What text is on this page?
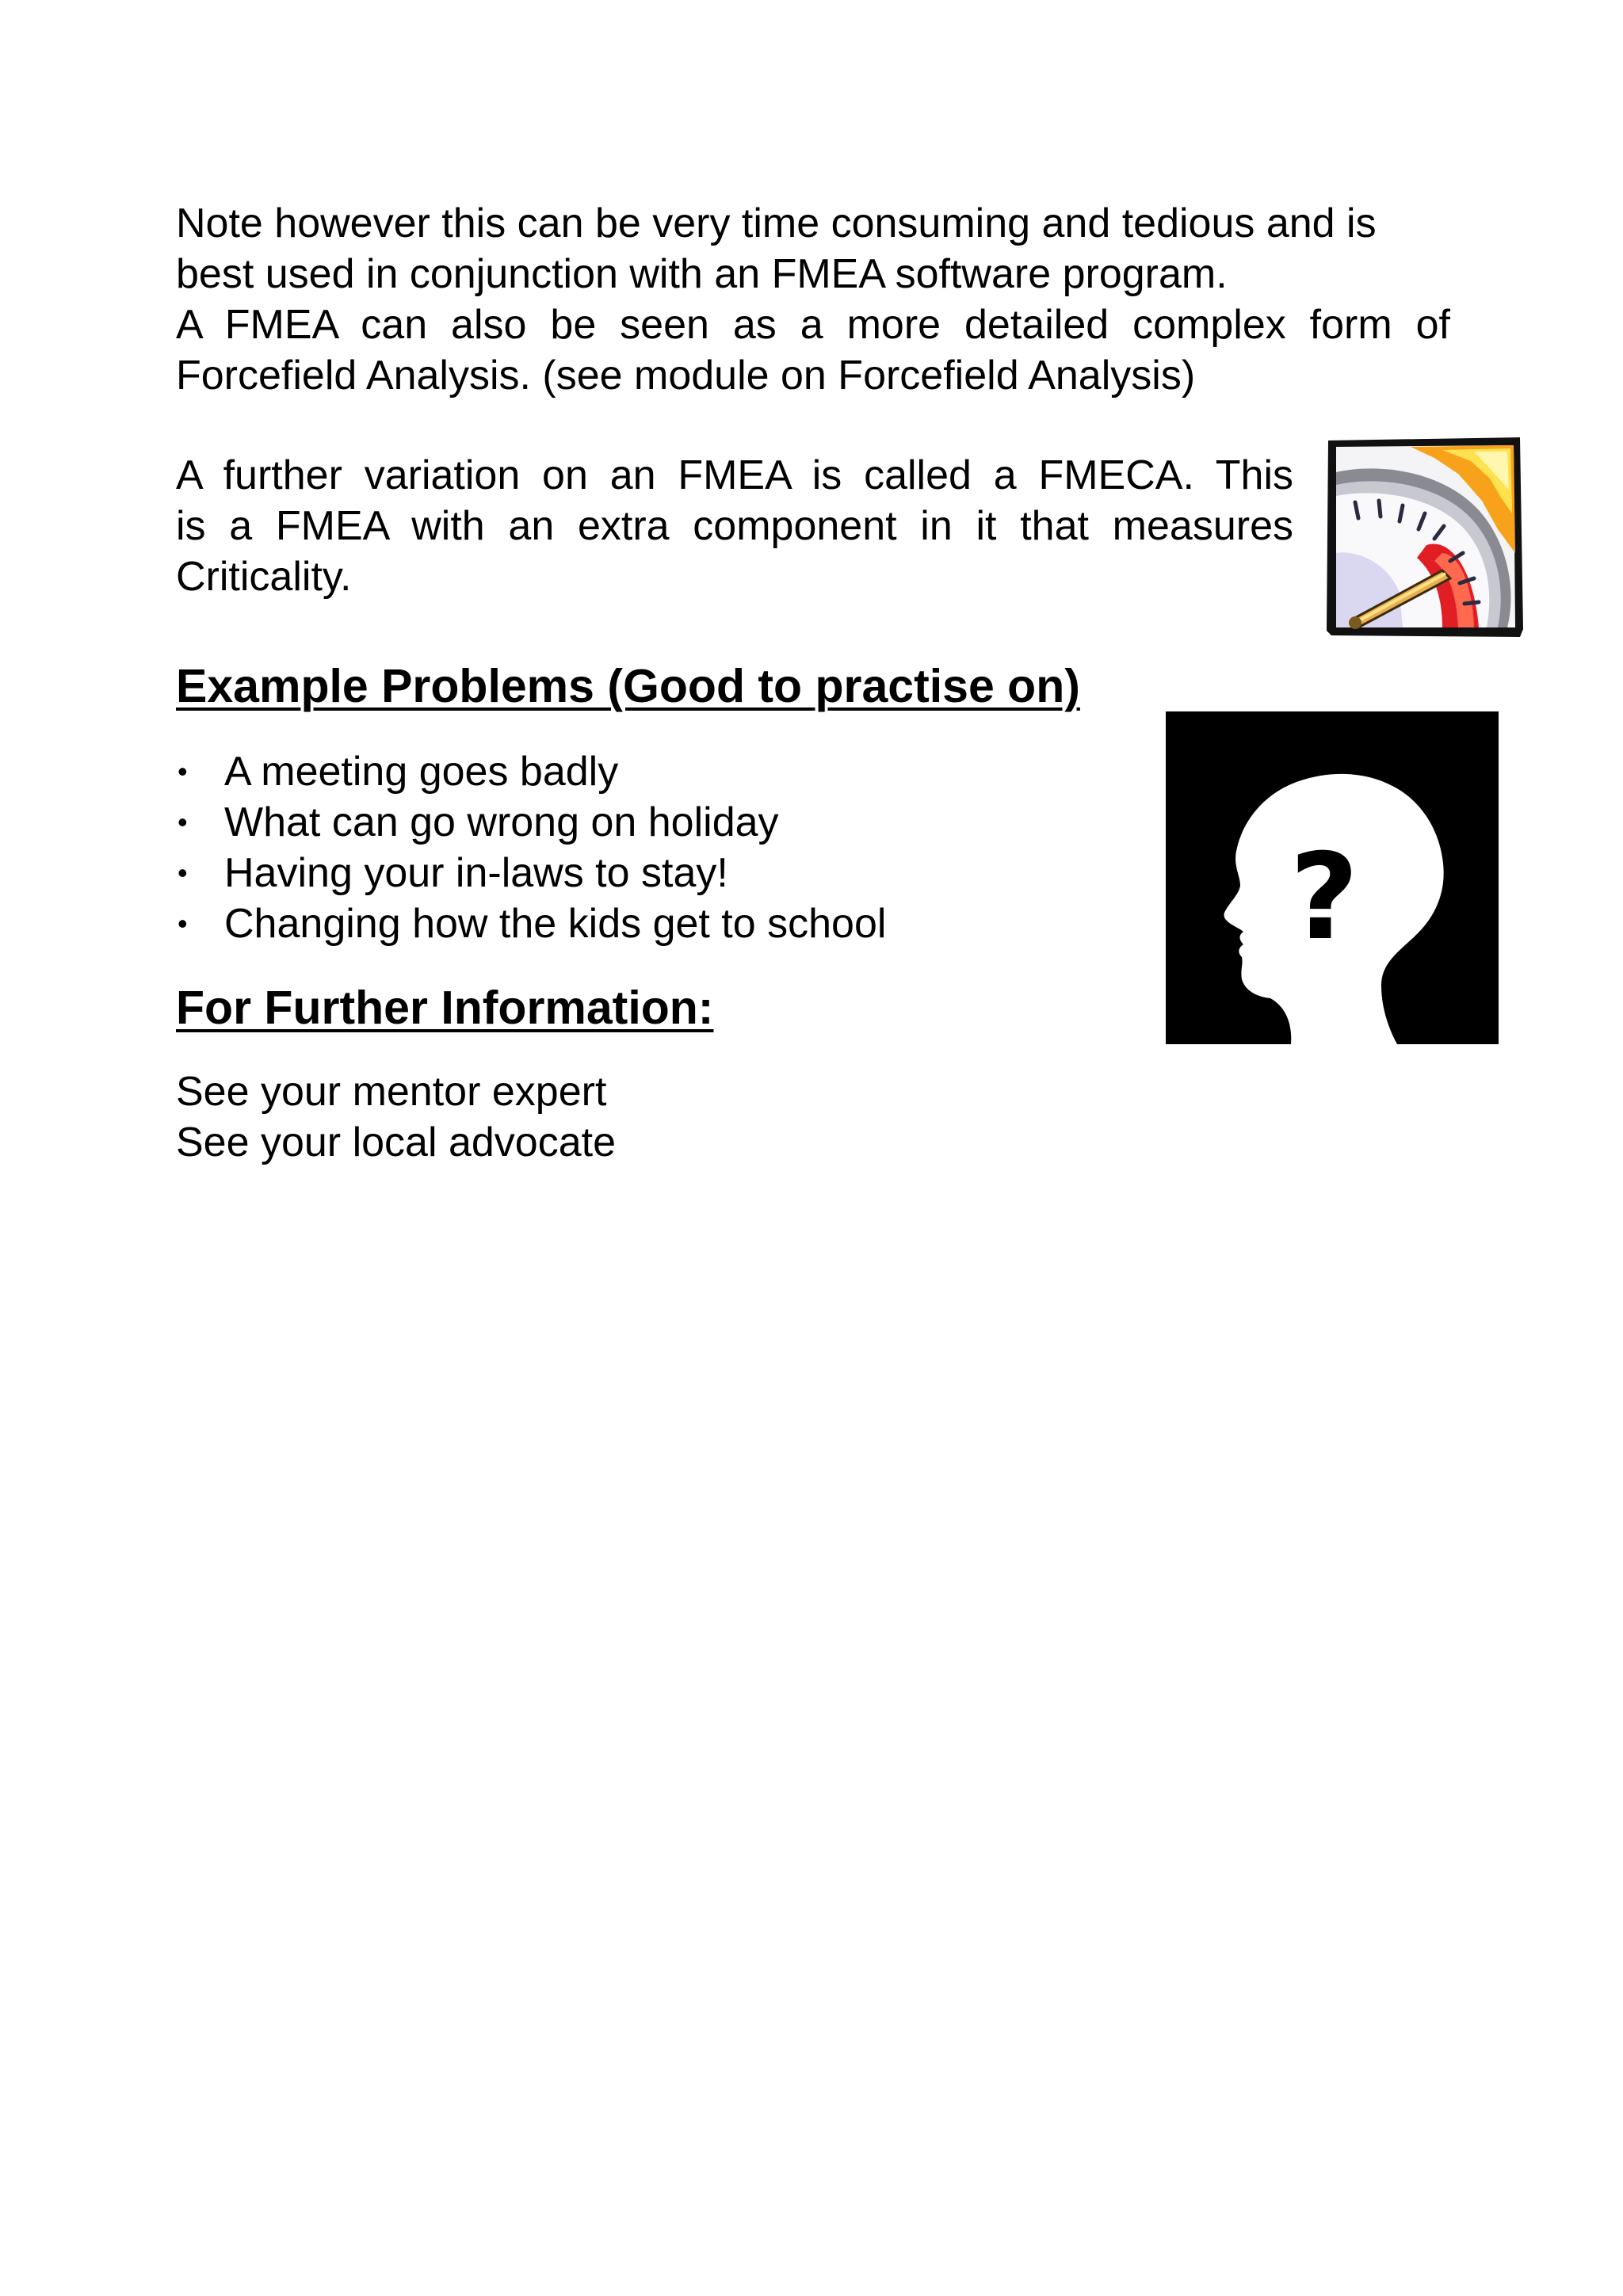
Note however this can be very time consuming and tedious and is
best used in conjunction with an FMEA software program.
A FMEA can also be seen as a more detailed complex form of
Forcefield Analysis. (see module on Forcefield Analysis)
A further variation on an FMEA is called a FMECA. This
is a FMEA with an extra component in it that measures
Criticality.
Example Problems (Good to practise on)
• A meeting goes badly
• What can go wrong on holiday
• Having your in-laws to stay!
• Changing how the kids get to school	?
For Further Information:
See your mentor expert
See your local advocate
